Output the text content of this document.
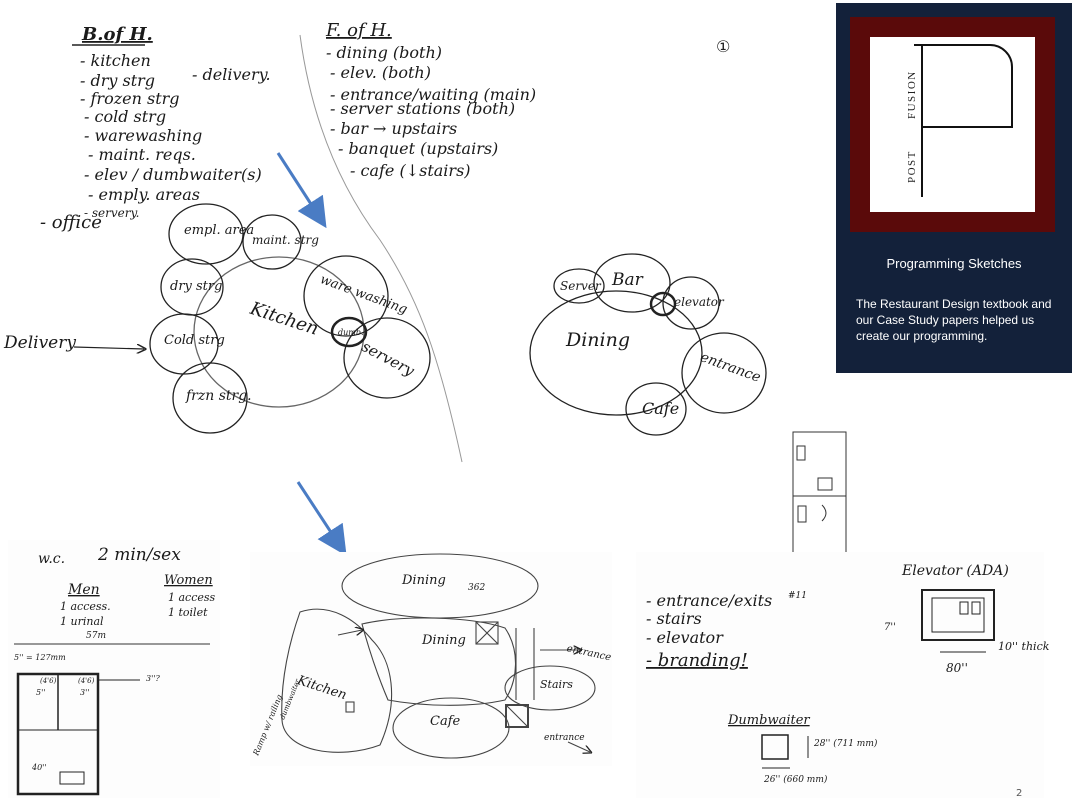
B.of H.
- kitchen
- dry strg - delivery.
- frozen strg
- cold strg
- warewashing
- maint. reqs.
- elev / dumbwaiter(s)
- emply. areas
- servery.
- office
F. of H.
- dining (both)
- elev. (both)
- entrance/waiting (main)
- server stations (both)
- bar → upstairs
- banquet (upstairs)
- cafe (↓stairs)
①
empl. area
maint. strg
dry strg
Kitchen
ware washing
Cold strg
dumb.
servery
frzn strg.
Delivery
Server Bar
elevator
Dining
entrance
Cafe
w.c. 2 min/sex
Men
1 access.
1 urinal
Women
1 access
1 toilet
5'' = 127mm
57m
5''	3''
(4'6)	(4'6)
40''
3''?
Dining 362
Dining
Kitchen
entrance
Stairs
Cafe
entrance
Ramp w/ railing
dumbwaiter
- entrance/exits #11
- stairs
- elevator
- branding!
Elevator (ADA)
10'' thick
80''
7''
Dumbwaiter
28'' (711 mm)
26'' (660 mm)
2
FUSION
POST
Programming Sketches
The Restaurant Design textbook and our Case Study papers helped us create our programming.
